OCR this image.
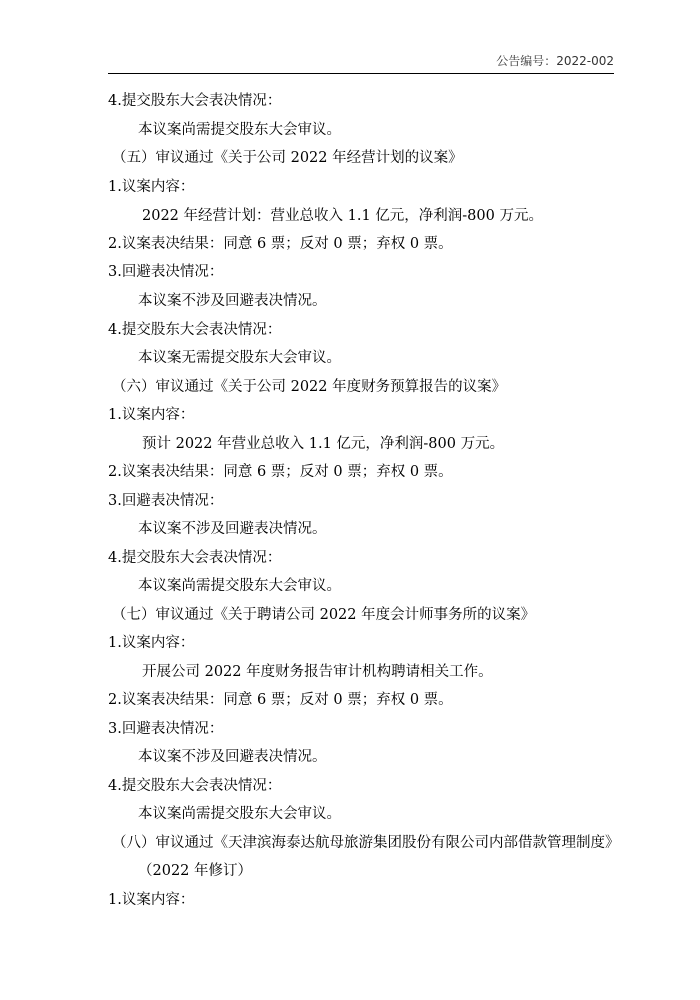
公告编号：2022-002
4.提交股东大会表决情况：
本议案尚需提交股东大会审议。
（五）审议通过《关于公司 2022 年经营计划的议案》
1.议案内容：
2022 年经营计划：营业总收入 1.1 亿元，净利润-800 万元。
2.议案表决结果：同意 6 票；反对 0 票；弃权 0 票。
3.回避表决情况：
本议案不涉及回避表决情况。
4.提交股东大会表决情况：
本议案无需提交股东大会审议。
（六）审议通过《关于公司 2022 年度财务预算报告的议案》
1.议案内容：
预计 2022 年营业总收入 1.1 亿元，净利润-800 万元。
2.议案表决结果：同意 6 票；反对 0 票；弃权 0 票。
3.回避表决情况：
本议案不涉及回避表决情况。
4.提交股东大会表决情况：
本议案尚需提交股东大会审议。
（七）审议通过《关于聘请公司 2022 年度会计师事务所的议案》
1.议案内容：
开展公司 2022 年度财务报告审计机构聘请相关工作。
2.议案表决结果：同意 6 票；反对 0 票；弃权 0 票。
3.回避表决情况：
本议案不涉及回避表决情况。
4.提交股东大会表决情况：
本议案尚需提交股东大会审议。
（八）审议通过《天津滨海泰达航母旅游集团股份有限公司内部借款管理制度》
（2022 年修订）
1.议案内容：
